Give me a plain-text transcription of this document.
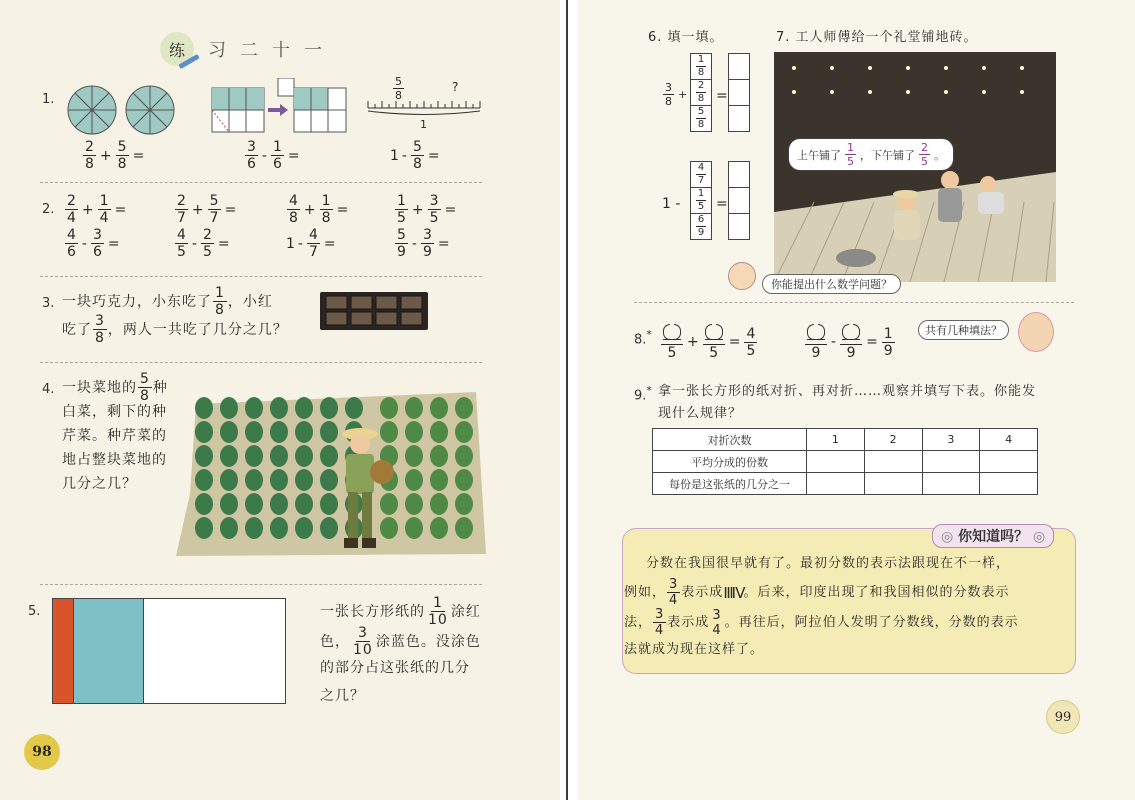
练 习 二 十 一
1.	$\frac{5}{8}$	?
1
$\frac{2}{8} + \frac{5}{8}$ =	$\frac{3}{6} - \frac{1}{6}$ =	$1 - \frac{5}{8}$ =
2. $\frac{2}{4} + \frac{1}{4}$ =	$\frac{2}{7} + \frac{5}{7}$ =	$\frac{4}{8} + \frac{1}{8}$ =	$\frac{1}{5} + \frac{3}{5}$ =
$\frac{4}{6} - \frac{3}{6}$ =	$\frac{4}{5} - \frac{2}{5}$ =	$1 - \frac{4}{7}$ =	$\frac{5}{9} - \frac{3}{9}$ =
3. 一块巧克力，小东吃了 $\frac{1}{8}$ ，小红
吃了 $\frac{3}{8}$ ，两人一共吃了几分之几？
4. 一块菜地的 $\frac{5}{8}$ 种
白菜，剩下的种
芹菜。种芹菜的
地占整块菜地的
几分之几？
5.	一张长方形纸的 $\frac{1}{10}$ 涂红
色， $\frac{3}{10}$ 涂蓝色。没涂色
的部分占这张纸的几分
之几？
98
6. 填一填。
$\frac{3}{8}$ +
$\frac{1}{8}$
$\frac{2}{8}$
$\frac{5}{8}$
=
1 -
$\frac{4}{7}$
$\frac{1}{5}$
$\frac{6}{9}$
=
7. 工人师傅给一个礼堂铺地砖。
上午铺了 $\frac{1}{5}$ ，下午铺了 $\frac{2}{5}$ 。
你能提出什么数学问题？
8.*
5
+
5
= $\frac{4}{5}$	9
-
9
= $\frac{1}{9}$	共有几种填法？
9.* 拿一张长方形的纸对折、再对折……观察并填写下表。你能发
现什么规律？
对折次数	1	2	3	4
平均分成的份数				
每份是这张纸的几分之一				
◎ 你知道吗？ ◎
分数在我国很早就有了。最初分数的表示法跟现在不一样，
例如， $\frac{3}{4}$ 表示成 ⅢⅣ 。后来，印度出现了和我国相似的分数表示
法， $\frac{3}{4}$ 表示成 3
4
。再往后，阿拉伯人发明了分数线，分数的表示
法就成为现在这样了。
99
